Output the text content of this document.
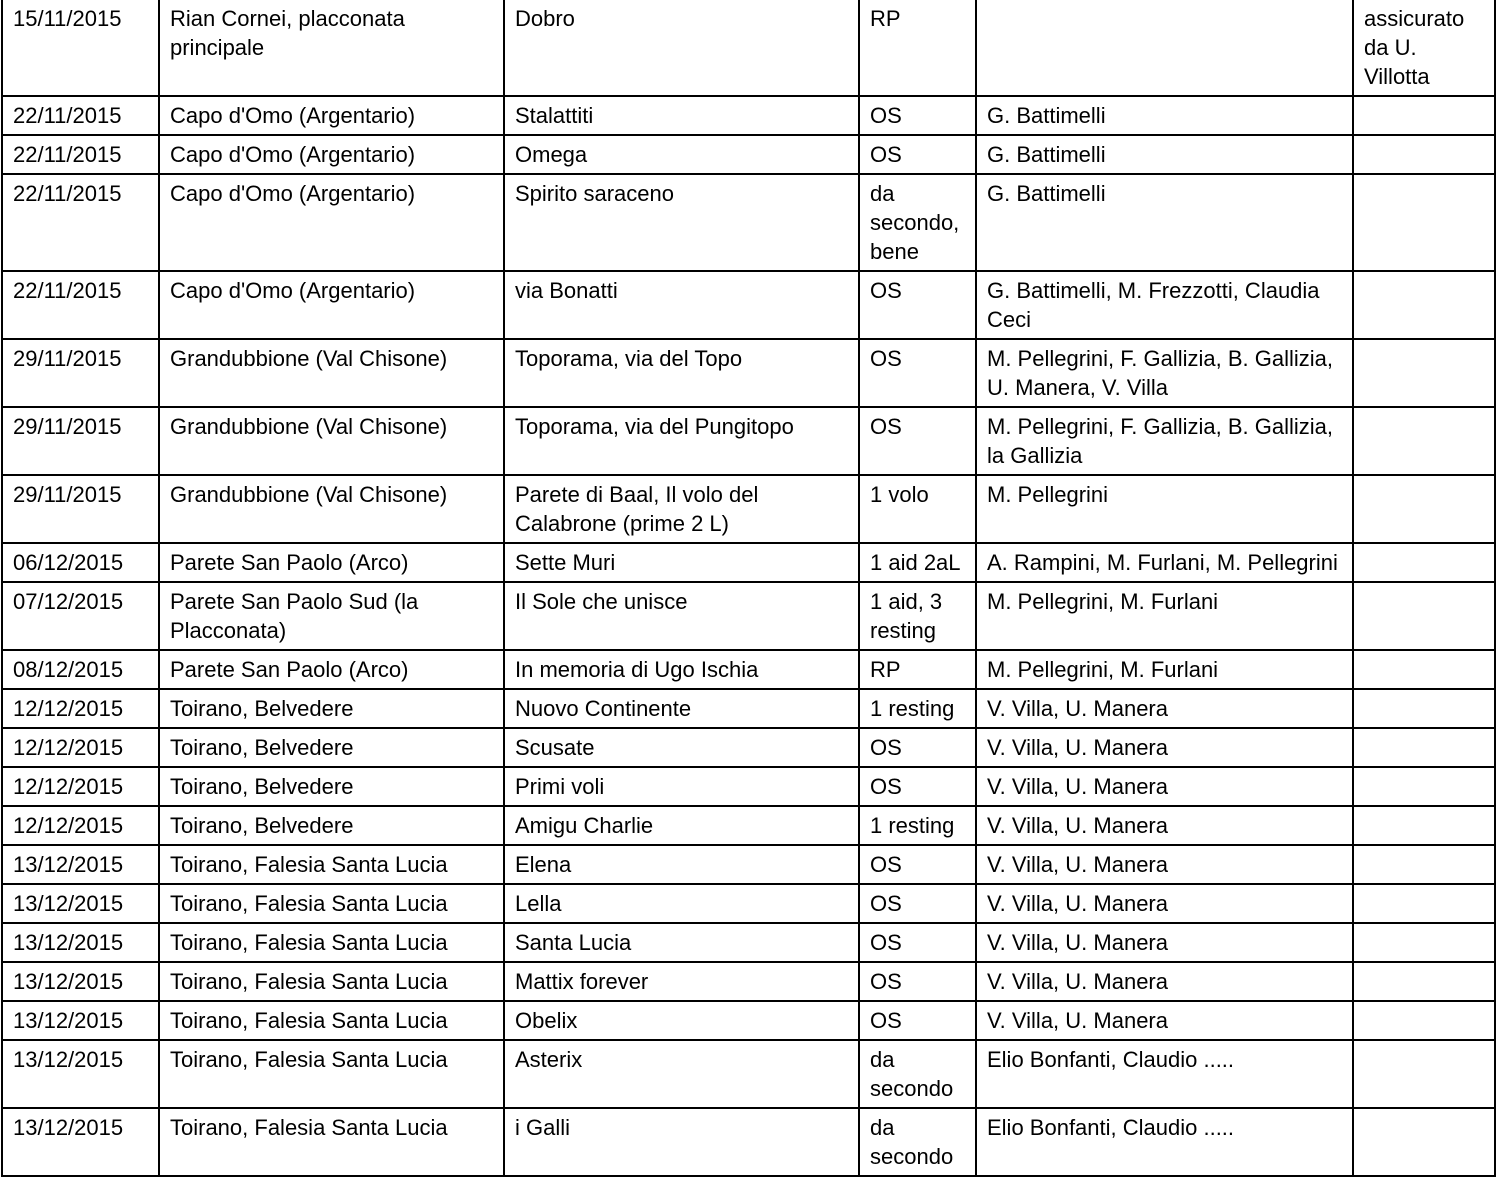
15/11/2015	Rian Cornei, placconata principale	Dobro	RP		assicurato da U. Villotta
22/11/2015	Capo d'Omo (Argentario)	Stalattiti	OS	G. Battimelli	
22/11/2015	Capo d'Omo (Argentario)	Omega	OS	G. Battimelli	
22/11/2015	Capo d'Omo (Argentario)	Spirito saraceno	da secondo, bene	G. Battimelli	
22/11/2015	Capo d'Omo (Argentario)	via Bonatti	OS	G. Battimelli, M. Frezzotti, Claudia Ceci	
29/11/2015	Grandubbione (Val Chisone)	Toporama, via del Topo	OS	M. Pellegrini, F. Gallizia, B. Gallizia, U. Manera, V. Villa	
29/11/2015	Grandubbione (Val Chisone)	Toporama, via del Pungitopo	OS	M. Pellegrini, F. Gallizia, B. Gallizia, la Gallizia	
29/11/2015	Grandubbione (Val Chisone)	Parete di Baal, Il volo del Calabrone (prime 2 L)	1 volo	M. Pellegrini	
06/12/2015	Parete San Paolo (Arco)	Sette Muri	1 aid 2aL	A. Rampini, M. Furlani, M. Pellegrini	
07/12/2015	Parete San Paolo Sud (la Placconata)	Il Sole che unisce	1 aid, 3 resting	M. Pellegrini, M. Furlani	
08/12/2015	Parete San Paolo (Arco)	In memoria di Ugo Ischia	RP	M. Pellegrini, M. Furlani	
12/12/2015	Toirano, Belvedere	Nuovo Continente	1 resting	V. Villa, U. Manera	
12/12/2015	Toirano, Belvedere	Scusate	OS	V. Villa, U. Manera	
12/12/2015	Toirano, Belvedere	Primi voli	OS	V. Villa, U. Manera	
12/12/2015	Toirano, Belvedere	Amigu Charlie	1 resting	V. Villa, U. Manera	
13/12/2015	Toirano, Falesia Santa Lucia	Elena	OS	V. Villa, U. Manera	
13/12/2015	Toirano, Falesia Santa Lucia	Lella	OS	V. Villa, U. Manera	
13/12/2015	Toirano, Falesia Santa Lucia	Santa Lucia	OS	V. Villa, U. Manera	
13/12/2015	Toirano, Falesia Santa Lucia	Mattix forever	OS	V. Villa, U. Manera	
13/12/2015	Toirano, Falesia Santa Lucia	Obelix	OS	V. Villa, U. Manera	
13/12/2015	Toirano, Falesia Santa Lucia	Asterix	da secondo	Elio Bonfanti, Claudio .....	
13/12/2015	Toirano, Falesia Santa Lucia	i Galli	da secondo	Elio Bonfanti, Claudio .....	
